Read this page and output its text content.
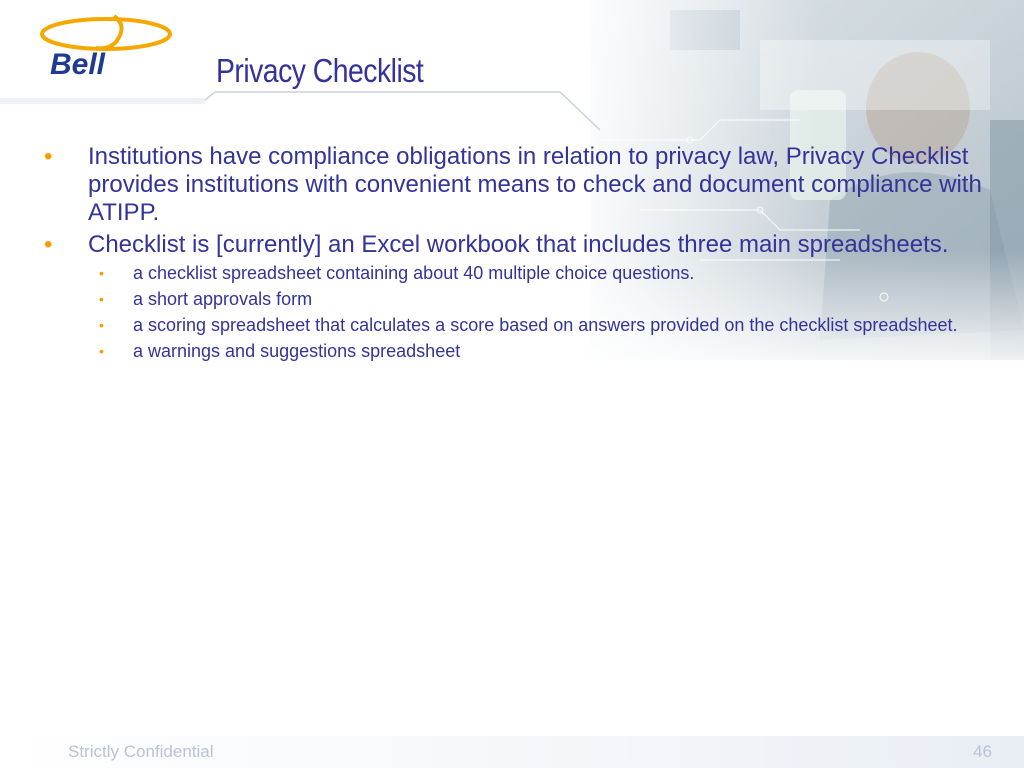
Bell	Privacy Checklist
• Institutions have compliance obligations in relation to privacy law, Privacy Checklist provides institutions with convenient means to check and document compliance with ATIPP.
• Checklist is [currently] an Excel workbook that includes three main spreadsheets.
• a checklist spreadsheet containing about 40 multiple choice questions.
• a short approvals form
• a scoring spreadsheet that calculates a score based on answers provided on the checklist spreadsheet.
• a warnings and suggestions spreadsheet
Strictly Confidential	46
